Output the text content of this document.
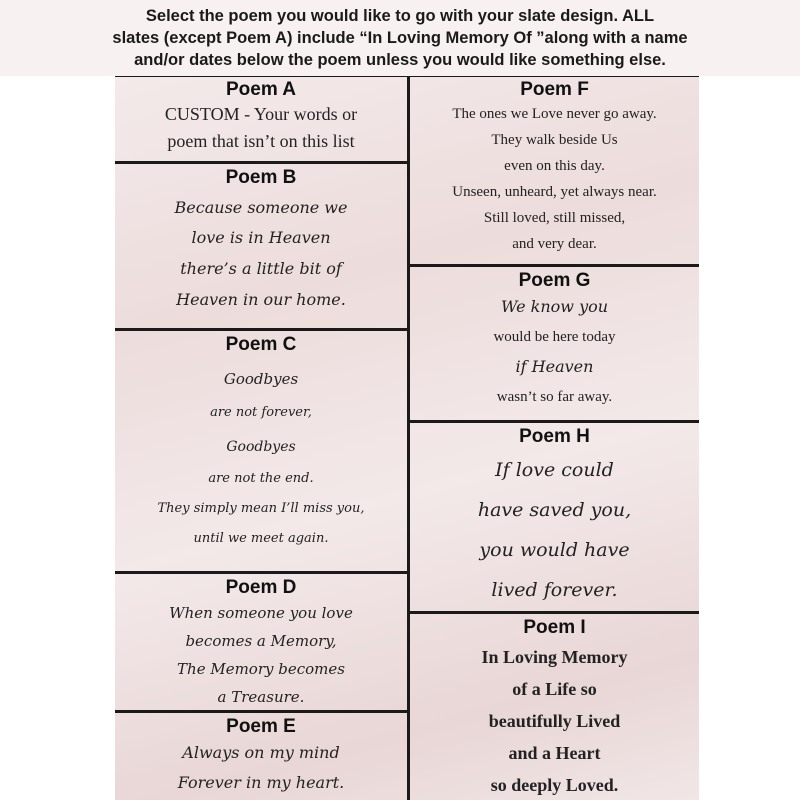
Poem A
CUSTOM - Your words or
poem that isn’t on this list
Poem B
Because someone we
love is in Heaven
there’s a little bit of
Heaven in our home.
Poem C
Goodbyes
are not forever,
Goodbyes
are not the end.
They simply mean I’ll miss you,
until we meet again.
Poem D
When someone you love
becomes a Memory,
The Memory becomes
a Treasure.
Poem E
Always on my mind
Forever in my heart.
Poem F
The ones we Love never go away.
They walk beside Us
even on this day.
Unseen, unheard, yet always near.
Still loved, still missed,
and very dear.
Poem G
We know you
would be here today
if Heaven
wasn’t so far away.
Poem H
If love could
have saved you,
you would have
lived forever.
Poem I
In Loving Memory
of a Life so
beautifully Lived
and a Heart
so deeply Loved.
Select the poem you would like to go with your slate design. ALL
slates (except Poem A) include “In Loving Memory Of ”along with a name
and/or dates below the poem unless you would like something else.
